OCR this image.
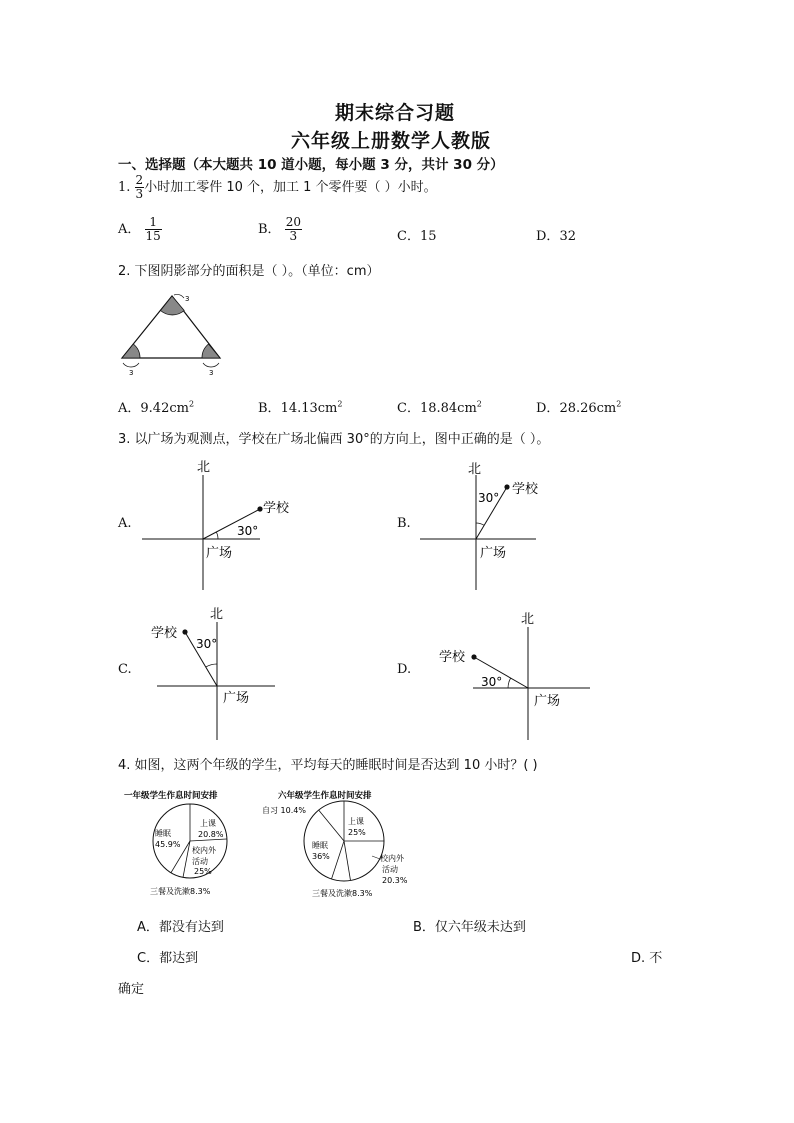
期末综合习题
六年级上册数学人教版
一、选择题（本大题共 10 道小题，每小题 3 分，共计 30 分）
1. $\frac{2}{3}$ 小时加工零件 10 个，加工 1 个零件要（ ）小时。
A． $\frac{1}{15}$	B． $\frac{20}{3}$	C．15	D．32
2. 下图阴影部分的面积是（ ）。（单位：cm）
3
3	3
A．$9.42cm^2$	B．$14.13cm^2$	C．$18.84cm^2$	D．$28.26cm^2$
3. 以广场为观测点，学校在广场北偏西 30°的方向上，图中正确的是（ ）。
A.
北
学校
30°
广场
B.
北
学校
30°
广场
C.
北
学校
30°
广场
D.
北
学校
30°
广场
4. 如图，这两个年级的学生，平均每天的睡眠时间是否达到 10 小时？( )
一年级学生作息时间安排
睡眠
45.9%
上课
20.8%
校内外
活动
25%
三餐及洗漱8.3%
六年级学生作息时间安排
自习 10.4%
上课
25%
睡眠
36%	校内外
活动
20.3%
三餐及洗漱8.3%
A．都没有达到	B．仅六年级未达到
C．都达到	D. 不
确定
